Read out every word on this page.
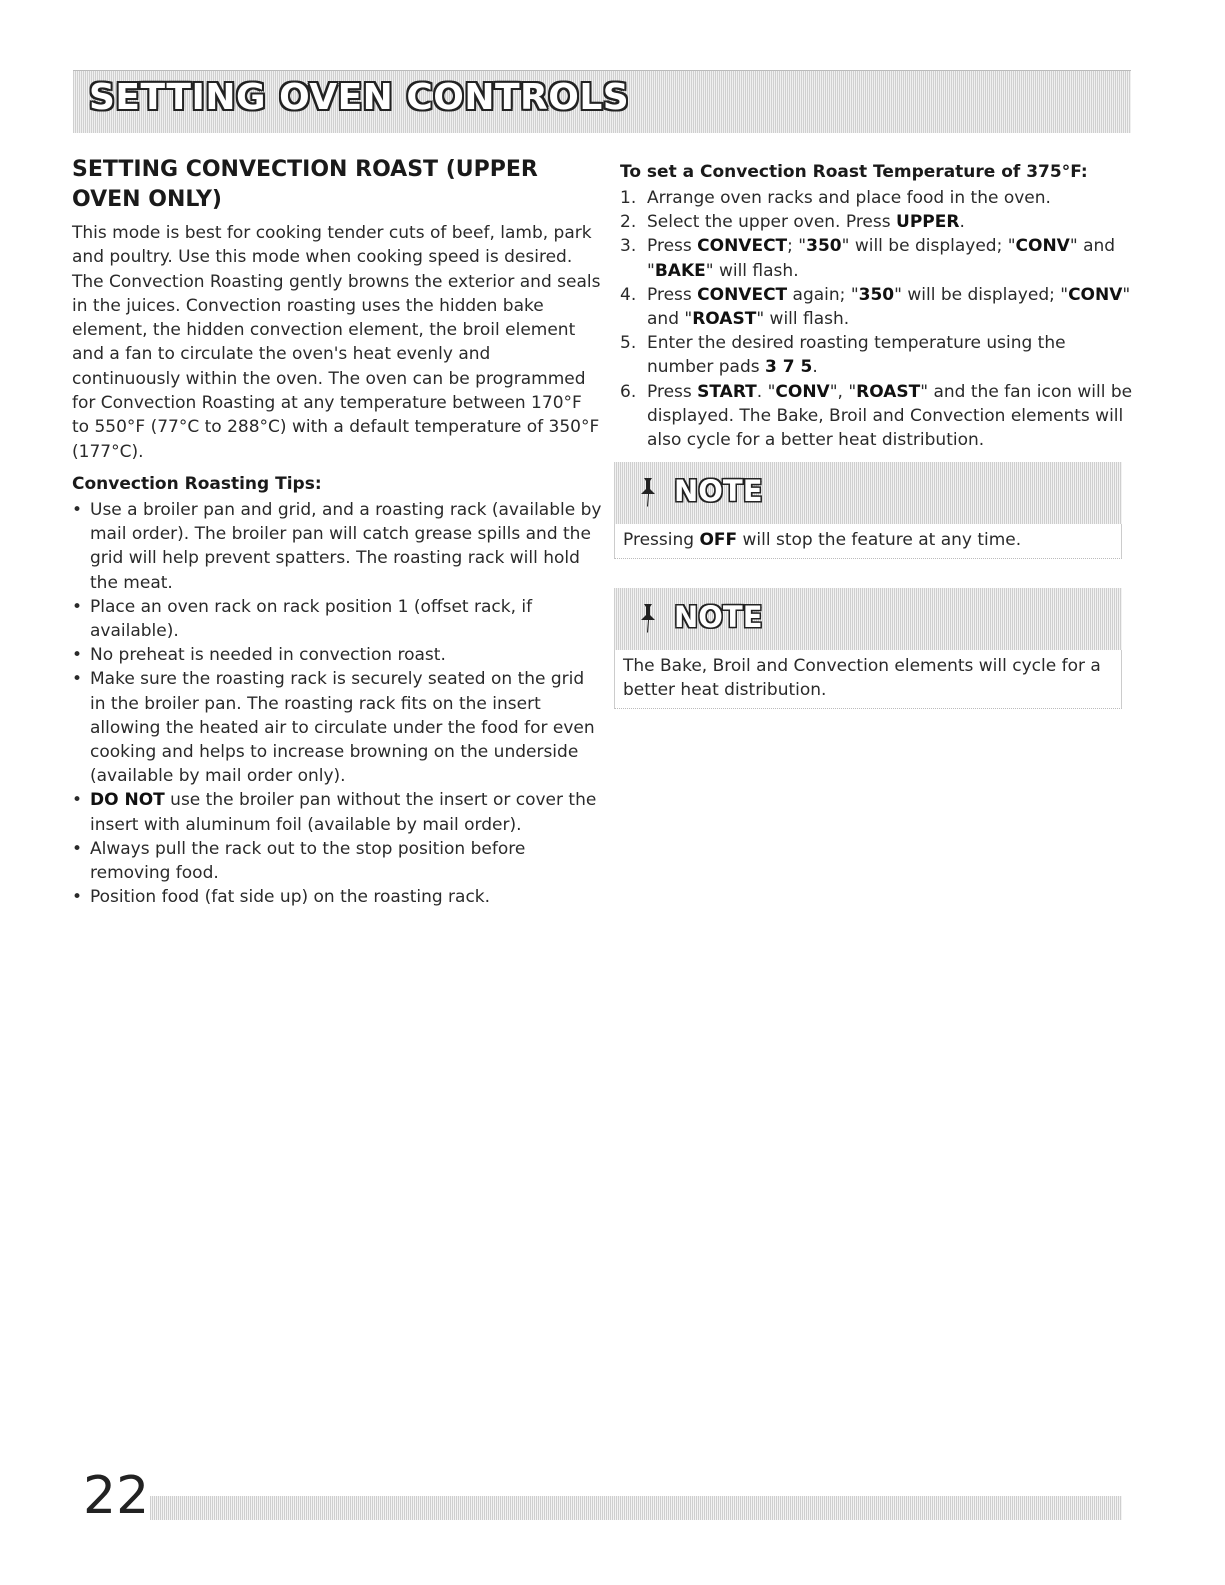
SETTING OVEN CONTROLS
SETTING CONVECTION ROAST (UPPER OVEN ONLY)

This mode is best for cooking tender cuts of beef, lamb, park and poultry. Use this mode when cooking speed is desired. The Convection Roasting gently browns the exterior and seals in the juices. Convection roasting uses the hidden bake element, the hidden convection element, the broil element and a fan to circulate the oven's heat evenly and continuously within the oven. The oven can be programmed for Convection Roasting at any temperature between 170°F to 550°F (77°C to 288°C) with a default temperature of 350°F (177°C).

Convection Roasting Tips:
• Use a broiler pan and grid, and a roasting rack (available by mail order). The broiler pan will catch grease spills and the grid will help prevent spatters. The roasting rack will hold the meat.
• Place an oven rack on rack position 1 (offset rack, if available).
• No preheat is needed in convection roast.
• Make sure the roasting rack is securely seated on the grid in the broiler pan. The roasting rack fits on the insert allowing the heated air to circulate under the food for even cooking and helps to increase browning on the underside (available by mail order only).
• DO NOT use the broiler pan without the insert or cover the insert with aluminum foil (available by mail order).
• Always pull the rack out to the stop position before removing food.
• Position food (fat side up) on the roasting rack.
To set a Convection Roast Temperature of 375°F:
1. Arrange oven racks and place food in the oven.
2. Select the upper oven. Press UPPER.
3. Press CONVECT; "350" will be displayed; "CONV" and "BAKE" will flash.
4. Press CONVECT again; "350" will be displayed; "CONV" and "ROAST" will flash.
5. Enter the desired roasting temperature using the number pads 3 7 5.
6. Press START. "CONV", "ROAST" and the fan icon will be displayed. The Bake, Broil and Convection elements will also cycle for a better heat distribution.
NOTE
Pressing OFF will stop the feature at any time.
NOTE
The Bake, Broil and Convection elements will cycle for a better heat distribution.
22
